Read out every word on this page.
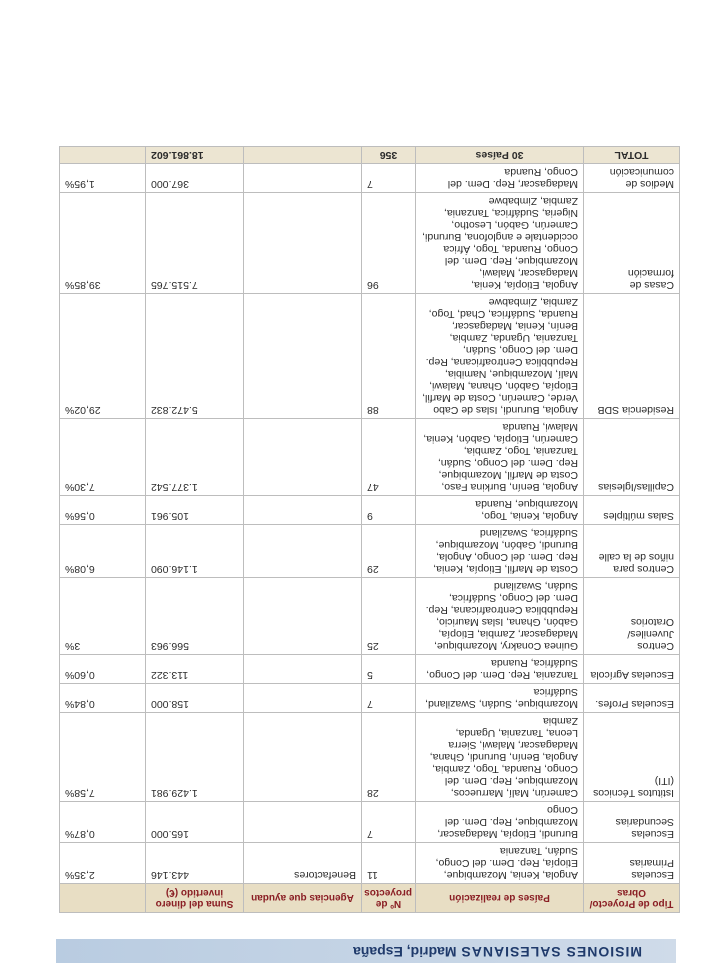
MISIONES SALESIANAS Madrid, España
Tipo de Proyecto/ Obras	Países de realización	Nº de proyectos	Agencias que ayudan	Suma del dinero invertido (€)	
Escuelas Primarias	Angola, Kenia, Mozambique, Etiopía, Rep. Dem. del Congo, Sudán, Tanzania	11	Benefactores	443.146	2,35%
Escuelas Secundarias	Burundi, Etiopía, Madagascar, Mozambique, Rep. Dem. del Congo	7		165.000	0,87%
Istitutos Técnicos (ITI)	Camerún, Malí, Marruecos, Mozambique, Rep. Dem. del Congo, Ruanda, Togo, Zambia, Angola, Benín, Burundi, Ghana, Madagascar, Malawi, Sierra Leona, Tanzania, Uganda, Zambia	28		1.429.981	7,58%
Escuelas Profes.	Mozambique, Sudán, Swaziland, Sudáfrica	7		158.000	0,84%
Escuelas Agrícola	Tanzania, Rep. Dem. del Congo, Sudáfrica, Ruanda	5		113.322	0,60%
Centros Juveniles/ Oratorios	Guinea Conakry, Mozambique, Madagascar, Zambia, Etiopía, Gabón, Ghana, Islas Mauricio, Repubblica Centroafricana, Rep. Dem. del Congo, Sudáfrica, Sudán, Swaziland	25		566.963	3%
Centros para niños de la calle	Costa de Marfil, Etiopía, Kenia, Rep. Dem. del Congo, Angola, Burundi, Gabón, Mozambique, Sudáfrica, Swaziland	29		1.146.090	6,08%
Salas múltiples	Angola, Kenia, Togo, Mozambique, Ruanda	9		105.961	0,56%
Capillas/Iglesias	Angola, Benín, Burkina Faso, Costa de Marfil, Mozambique, Rep. Dem. del Congo, Sudán, Tanzania, Togo, Zambia, Camerún, Etiopía, Gabón, Kenia, Malawi, Ruanda	47		1.377.542	7,30%
Residencia SDB	Angola, Burundi, Islas de Cabo Verde, Camerún, Costa de Marfil, Etiopía, Gabón, Ghana, Malawi, Malí, Mozambique, Namibia, Repubblica Centroafricana, Rep. Dem. del Congo, Sudán, Tanzania, Uganda, Zambia, Benín, Kenia, Madagascar, Ruanda, Sudáfrica, Chad, Togo, Zambia, Zimbabwe	88		5.472.832	29,02%
Casas de formación	Angola, Etiopía, Kenia, Madagascar, Malawi, Mozambique, Rep. Dem. del Congo, Ruanda, Togo, África occidentale e anglofona, Burundi, Camerún, Gabón, Lesotho, Nigeria, Sudáfrica, Tanzania, Zambia, Zimbabwe	96		7.515.765	39,85%
Medios de comunicación	Madagascar, Rep. Dem. del Congo, Ruanda	7		367.000	1,95%
TOTAL	30 Países	356		18.861.602	
